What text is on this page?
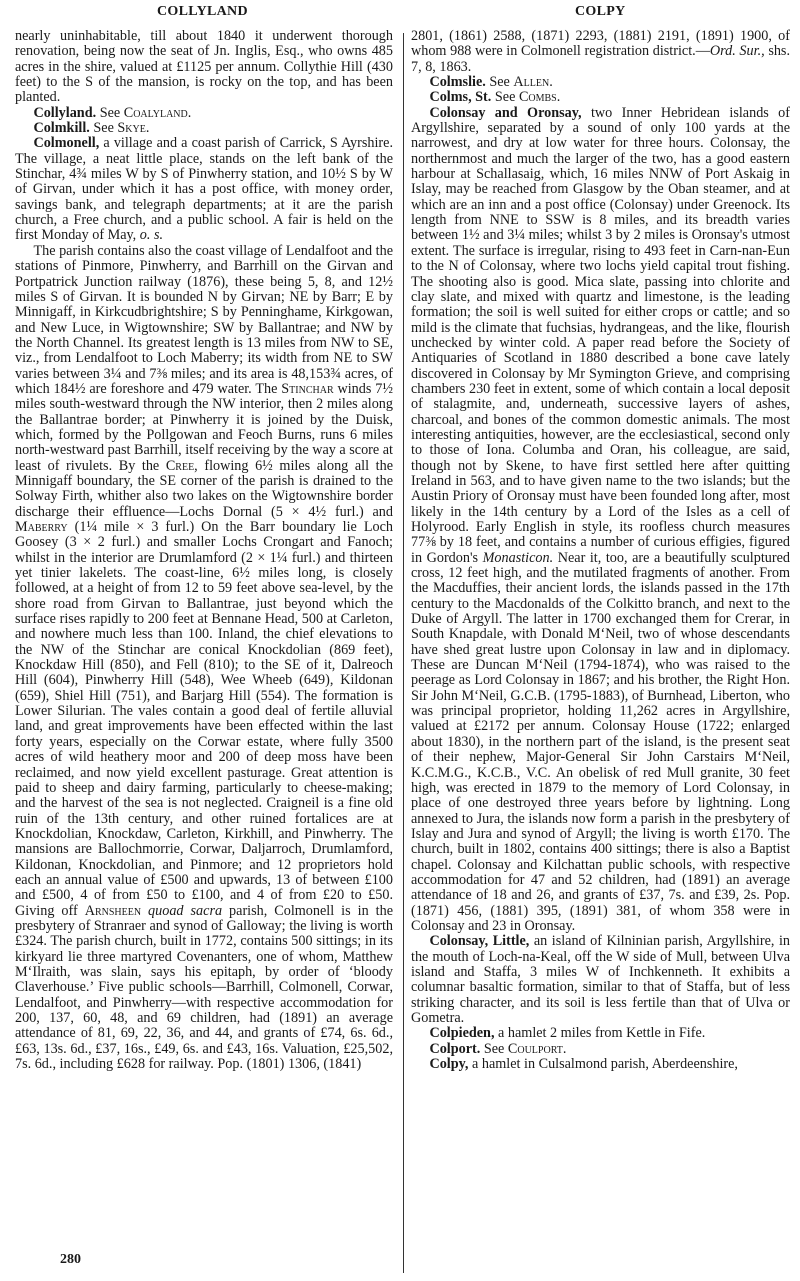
COLLYLAND	COLPY

nearly uninhabitable, till about 1840 it underwent thorough renovation, being now the seat of Jn. Inglis, Esq., who owns 485 acres in the shire, valued at £1125 per annum. Collythie Hill (430 feet) to the S of the mansion, is rocky on the top, and has been planted.

Collyland. See Coalyland.

Colmkill. See Skye.

Colmonell, a village and a coast parish of Carrick, S Ayrshire. The village, a neat little place, stands on the left bank of the Stinchar, 4¾ miles W by S of Pinwherry station, and 10½ S by W of Girvan, under which it has a post office, with money order, savings bank, and telegraph departments; at it are the parish church, a Free church, and a public school. A fair is held on the first Monday of May, o. s.

The parish contains also the coast village of Lendalfoot and the stations of Pinmore, Pinwherry, and Barrhill on the Girvan and Portpatrick Junction railway (1876), these being 5, 8, and 12½ miles S of Girvan. It is bounded N by Girvan; NE by Barr; E by Minnigaff, in Kirkcudbrightshire; S by Penninghame, Kirkgowan, and New Luce, in Wigtownshire; SW by Ballantrae; and NW by the North Channel. Its greatest length is 13 miles from NW to SE, viz., from Lendalfoot to Loch Maberry; its width from NE to SW varies between 3¼ and 7⅜ miles; and its area is 48,153¾ acres, of which 184½ are foreshore and 479 water. The Stinchar winds 7½ miles south-westward through the NW interior, then 2 miles along the Ballantrae border; at Pinwherry it is joined by the Duisk, which, formed by the Pollgowan and Feoch Burns, runs 6 miles north-westward past Barrhill, itself receiving by the way a score at least of rivulets. By the Cree, flowing 6½ miles along all the Minnigaff boundary, the SE corner of the parish is drained to the Solway Firth, whither also two lakes on the Wigtownshire border discharge their effluence—Lochs Dornal (5 × 4½ furl.) and Maberry (1¼ mile × 3 furl.) On the Barr boundary lie Loch Goosey (3 × 2 furl.) and smaller Lochs Crongart and Fanoch; whilst in the interior are Drumlamford (2 × 1¼ furl.) and thirteen yet tinier lakelets. The coast-line, 6½ miles long, is closely followed, at a height of from 12 to 59 feet above sea-level, by the shore road from Girvan to Ballantrae, just beyond which the surface rises rapidly to 200 feet at Bennane Head, 500 at Carleton, and nowhere much less than 100. Inland, the chief elevations to the NW of the Stinchar are conical Knockdolian (869 feet), Knockdaw Hill (850), and Fell (810); to the SE of it, Dalreoch Hill (604), Pinwherry Hill (548), Wee Wheeb (649), Kildonan (659), Shiel Hill (751), and Barjarg Hill (554). The formation is Lower Silurian. The vales contain a good deal of fertile alluvial land, and great improvements have been effected within the last forty years, especially on the Corwar estate, where fully 3500 acres of wild heathery moor and 200 of deep moss have been reclaimed, and now yield excellent pasturage. Great attention is paid to sheep and dairy farming, particularly to cheese-making; and the harvest of the sea is not neglected. Craigneil is a fine old ruin of the 13th century, and other ruined fortalices are at Knockdolian, Knockdaw, Carleton, Kirkhill, and Pinwherry. The mansions are Ballochmorrie, Corwar, Daljarroch, Drumlamford, Kildonan, Knockdolian, and Pinmore; and 12 proprietors hold each an annual value of £500 and upwards, 13 of between £100 and £500, 4 of from £50 to £100, and 4 of from £20 to £50. Giving off Arnsheen quoad sacra parish, Colmonell is in the presbytery of Stranraer and synod of Galloway; the living is worth £324. The parish church, built in 1772, contains 500 sittings; in its kirkyard lie three martyred Covenanters, one of whom, Matthew M‘Ilraith, was slain, says his epitaph, by order of ‘bloody Claverhouse.’ Five public schools—Barrhill, Colmonell, Corwar, Lendalfoot, and Pinwherry—with respective accommodation for 200, 137, 60, 48, and 69 children, had (1891) an average attendance of 81, 69, 22, 36, and 44, and grants of £74, 6s. 6d., £63, 13s. 6d., £37, 16s., £49, 6s. and £43, 16s. Valuation, £25,502, 7s. 6d., including £628 for railway. Pop. (1801) 1306, (1841)

2801, (1861) 2588, (1871) 2293, (1881) 2191, (1891) 1900, of whom 988 were in Colmonell registration district.—Ord. Sur., shs. 7, 8, 1863.

Colmslie. See Allen.

Colms, St. See Combs.

Colonsay and Oronsay, two Inner Hebridean islands of Argyllshire, separated by a sound of only 100 yards at the narrowest, and dry at low water for three hours. Colonsay, the northernmost and much the larger of the two, has a good eastern harbour at Schallasaig, which, 16 miles NNW of Port Askaig in Islay, may be reached from Glasgow by the Oban steamer, and at which are an inn and a post office (Colonsay) under Greenock. Its length from NNE to SSW is 8 miles, and its breadth varies between 1½ and 3¼ miles; whilst 3 by 2 miles is Oronsay's utmost extent. The surface is irregular, rising to 493 feet in Carn-nan-Eun to the N of Colonsay, where two lochs yield capital trout fishing. The shooting also is good. Mica slate, passing into chlorite and clay slate, and mixed with quartz and limestone, is the leading formation; the soil is well suited for either crops or cattle; and so mild is the climate that fuchsias, hydrangeas, and the like, flourish unchecked by winter cold. A paper read before the Society of Antiquaries of Scotland in 1880 described a bone cave lately discovered in Colonsay by Mr Symington Grieve, and comprising chambers 230 feet in extent, some of which contain a local deposit of stalagmite, and, underneath, successive layers of ashes, charcoal, and bones of the common domestic animals. The most interesting antiquities, however, are the ecclesiastical, second only to those of Iona. Columba and Oran, his colleague, are said, though not by Skene, to have first settled here after quitting Ireland in 563, and to have given name to the two islands; but the Austin Priory of Oronsay must have been founded long after, most likely in the 14th century by a Lord of the Isles as a cell of Holyrood. Early English in style, its roofless church measures 77⅜ by 18 feet, and contains a number of curious effigies, figured in Gordon's Monasticon. Near it, too, are a beautifully sculptured cross, 12 feet high, and the mutilated fragments of another. From the Macduffies, their ancient lords, the islands passed in the 17th century to the Macdonalds of the Colkitto branch, and next to the Duke of Argyll. The latter in 1700 exchanged them for Crerar, in South Knapdale, with Donald M‘Neil, two of whose descendants have shed great lustre upon Colonsay in law and in diplomacy. These are Duncan M‘Neil (1794-1874), who was raised to the peerage as Lord Colonsay in 1867; and his brother, the Right Hon. Sir John M‘Neil, G.C.B. (1795-1883), of Burnhead, Liberton, who was principal proprietor, holding 11,262 acres in Argyllshire, valued at £2172 per annum. Colonsay House (1722; enlarged about 1830), in the northern part of the island, is the present seat of their nephew, Major-General Sir John Carstairs M‘Neil, K.C.M.G., K.C.B., V.C. An obelisk of red Mull granite, 30 feet high, was erected in 1879 to the memory of Lord Colonsay, in place of one destroyed three years before by lightning. Long annexed to Jura, the islands now form a parish in the presbytery of Islay and Jura and synod of Argyll; the living is worth £170. The church, built in 1802, contains 400 sittings; there is also a Baptist chapel. Colonsay and Kilchattan public schools, with respective accommodation for 47 and 52 children, had (1891) an average attendance of 18 and 26, and grants of £37, 7s. and £39, 2s. Pop. (1871) 456, (1881) 395, (1891) 381, of whom 358 were in Colonsay and 23 in Oronsay.

Colonsay, Little, an island of Kilninian parish, Argyllshire, in the mouth of Loch-na-Keal, off the W side of Mull, between Ulva island and Staffa, 3 miles W of Inchkenneth. It exhibits a columnar basaltic formation, similar to that of Staffa, but of less striking character, and its soil is less fertile than that of Ulva or Gometra.

Colpieden, a hamlet 2 miles from Kettle in Fife.

Colport. See Coulport.

Colpy, a hamlet in Culsalmond parish, Aberdeenshire,

280
